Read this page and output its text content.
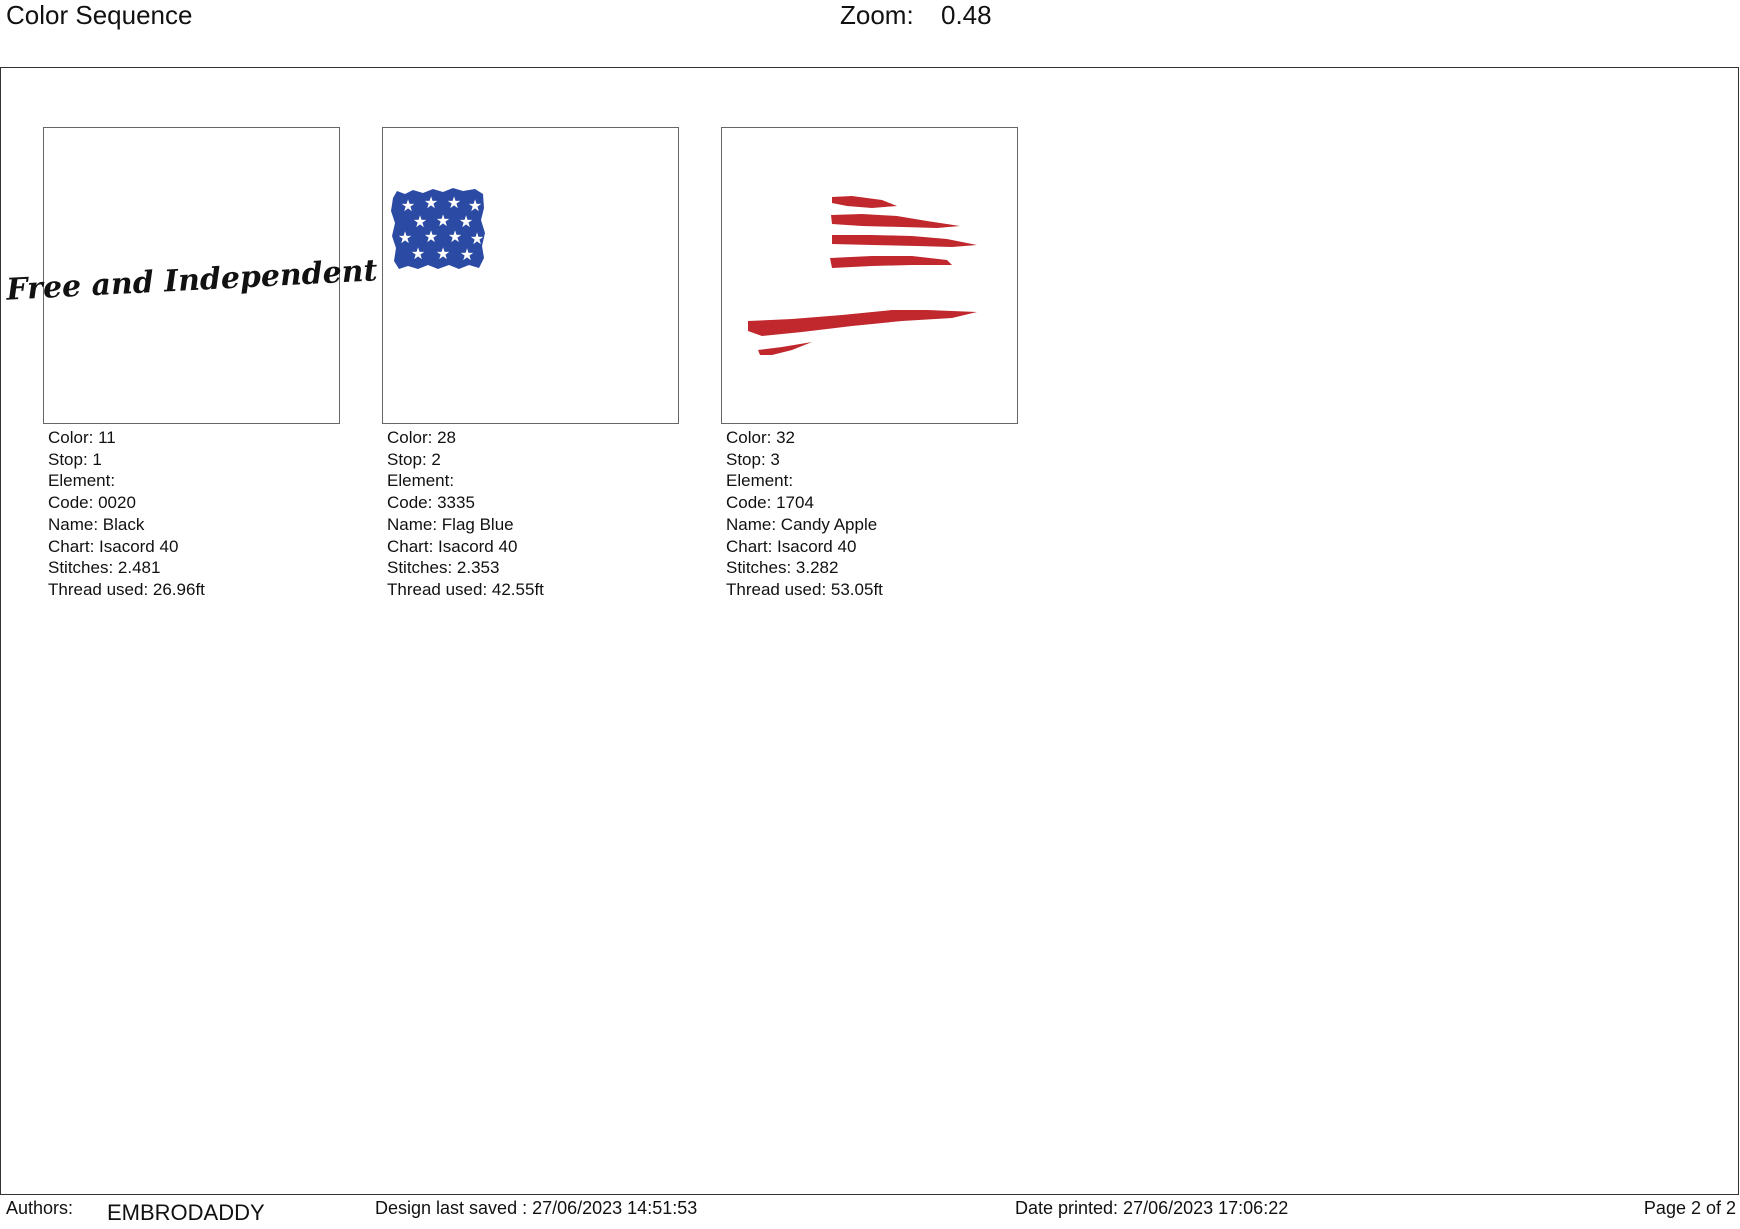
Color Sequence	Zoom: 0.48
Free and Independent
Color: 11
Stop: 1
Element:
Code: 0020
Name: Black
Chart: Isacord 40
Stitches: 2.481
Thread used: 26.96ft
★ ★ ★ ★
★ ★ ★
★ ★ ★ ★
★ ★ ★
Color: 28
Stop: 2
Element:
Code: 3335
Name: Flag Blue
Chart: Isacord 40
Stitches: 2.353
Thread used: 42.55ft
Color: 32
Stop: 3
Element:
Code: 1704
Name: Candy Apple
Chart: Isacord 40
Stitches: 3.282
Thread used: 53.05ft
Authors: EMBRODADDY	Design last saved : 27/06/2023 14:51:53	Date printed: 27/06/2023 17:06:22	Page 2 of 2
